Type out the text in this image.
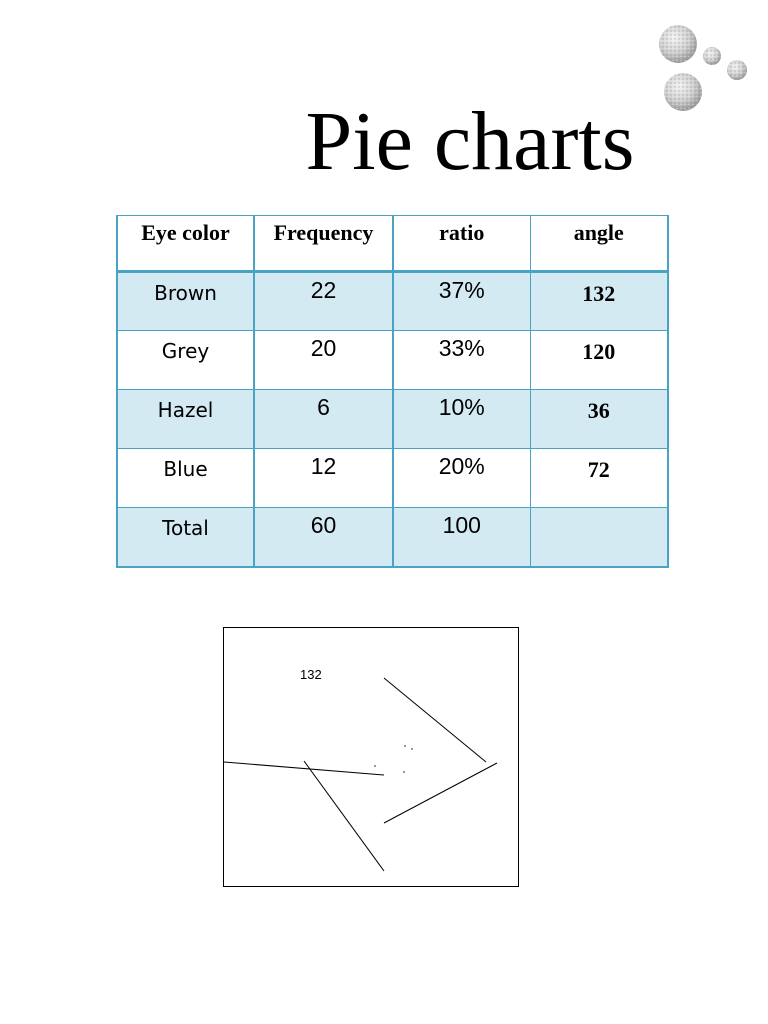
Pie charts
Eye color	Frequency	ratio	angle
Brown	22	37%	132
Grey	20	33%	120
Hazel	6	10%	36
Blue	12	20%	72
Total	60	100	
132
